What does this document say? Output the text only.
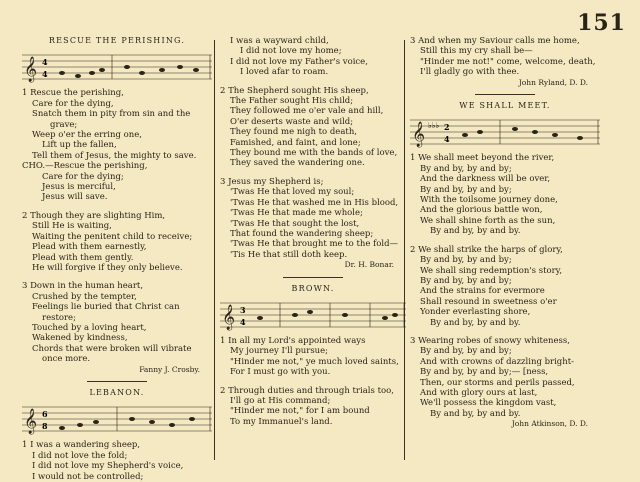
151
RESCUE THE PERISHING.
𝄞 4
4
1 Rescue the perishing,
Care for the dying,
Snatch them in pity from sin and the
grave;
Weep o'er the erring one,
Lift up the fallen,
Tell them of Jesus, the mighty to save.
CHO.—Rescue the perishing,
Care for the dying;
Jesus is merciful,
Jesus will save.
2 Though they are slighting Him,
Still He is waiting,
Waiting the penitent child to receive;
Plead with them earnestly,
Plead with them gently.
He will forgive if they only believe.
3 Down in the human heart,
Crushed by the tempter,
Feelings lie buried that Christ can
restore;
Touched by a loving heart,
Wakened by kindness,
Chords that were broken will vibrate
once more.
Fanny J. Crosby.
LEBANON.
𝄞 6
8
1 I was a wandering sheep,
I did not love the fold;
I did not love my Shepherd's voice,
I would not be controlled;
I was a wayward child,
I did not love my home;
I did not love my Father's voice,
I loved afar to roam.
2 The Shepherd sought His sheep,
The Father sought His child;
They followed me o'er vale and hill,
O'er deserts waste and wild;
They found me nigh to death,
Famished, and faint, and lone;
They bound me with the bands of love,
They saved the wandering one.
3 Jesus my Shepherd is;
'Twas He that loved my soul;
'Twas He that washed me in His blood,
'Twas He that made me whole;
'Twas He that sought the lost,
That found the wandering sheep;
'Twas He that brought me to the fold—
'Tis He that still doth keep.
Dr. H. Bonar.
BROWN.
𝄞 3
4
1 In all my Lord's appointed ways
My journey I'll pursue;
"Hinder me not," ye much loved saints,
For I must go with you.
2 Through duties and through trials too,
I'll go at His command;
"Hinder me not," for I am bound
To my Immanuel's land.
3 And when my Saviour calls me home,
Still this my cry shall be—
"Hinder me not!" come, welcome, death,
I'll gladly go with thee.
John Ryland, D. D.
WE SHALL MEET.
𝄞 ♭♭♭ 2
4
1 We shall meet beyond the river,
By and by, by and by;
And the darkness will be over,
By and by, by and by;
With the toilsome journey done,
And the glorious battle won,
We shall shine forth as the sun,
By and by, by and by.
2 We shall strike the harps of glory,
By and by, by and by;
We shall sing redemption's story,
By and by, by and by;
And the strains for evermore
Shall resound in sweetness o'er
Yonder everlasting shore,
By and by, by and by.
3 Wearing robes of snowy whiteness,
By and by, by and by;
And with crowns of dazzling bright-
By and by, by and by;— [ness,
Then, our storms and perils passed,
And with glory ours at last,
We'll possess the kingdom vast,
By and by, by and by.
John Atkinson, D. D.
